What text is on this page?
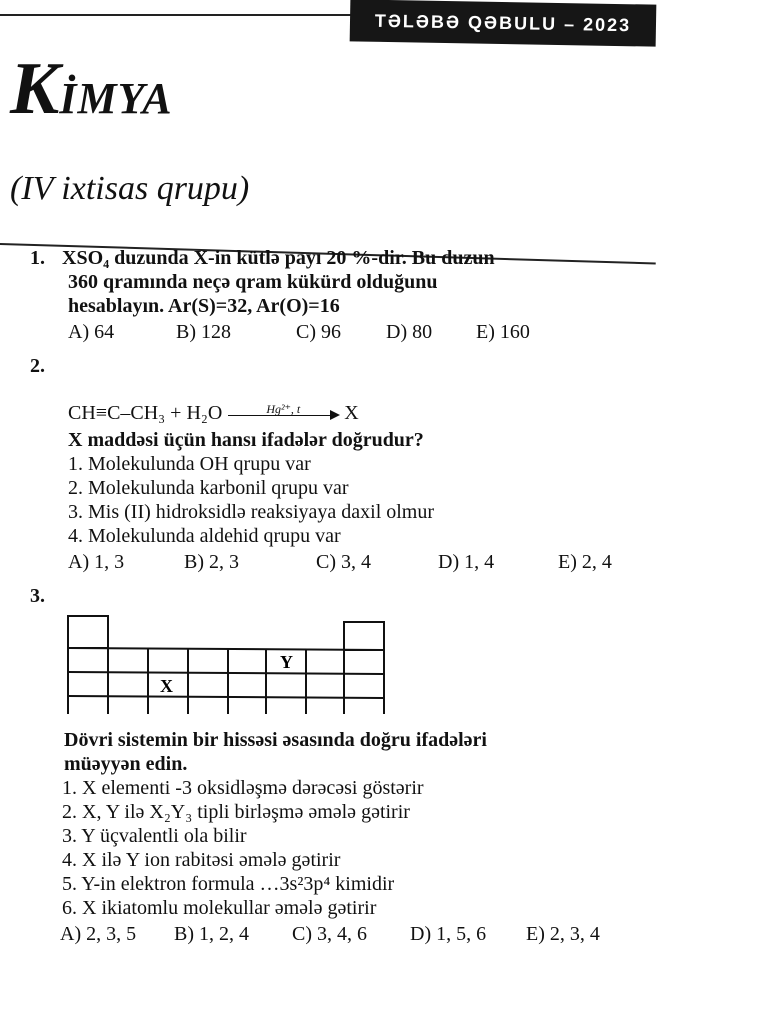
TƏLƏBƏ QƏBULU – 2023
KİMYA
(IV ixtisas qrupu)
1. XSO₄ duzunda X-in kütlə payı 20 %-dir. Bu duzun
360 qramında neçə qram kükürd olduğunu
hesablayın. Ar(S)=32, Ar(O)=16
A) 64	B) 128	C) 96	D) 80	E) 160
2.
CH≡C–CH₃ + H₂O	Hg²⁺, t X
X maddəsi üçün hansı ifadələr doğrudur?
1. Molekulunda OH qrupu var
2. Molekulunda karbonil qrupu var
3. Mis (II) hidroksidlə reaksiyaya daxil olmur
4. Molekulunda aldehid qrupu var
A) 1, 3	B) 2, 3	C) 3, 4	D) 1, 4	E) 2, 4
3.
Y
X
Dövri sistemin bir hissəsi əsasında doğru ifadələri
müəyyən edin.
1. X elementi -3 oksidləşmə dərəcəsi göstərir
2. X, Y ilə X₂Y₃ tipli birləşmə əmələ gətirir
3. Y üçvalentli ola bilir
4. X ilə Y ion rabitəsi əmələ gətirir
5. Y-in elektron formula …3s²3p⁴ kimidir
6. X ikiatomlu molekullar əmələ gətirir
A) 2, 3, 5	B) 1, 2, 4	C) 3, 4, 6	D) 1, 5, 6	E) 2, 3, 4
